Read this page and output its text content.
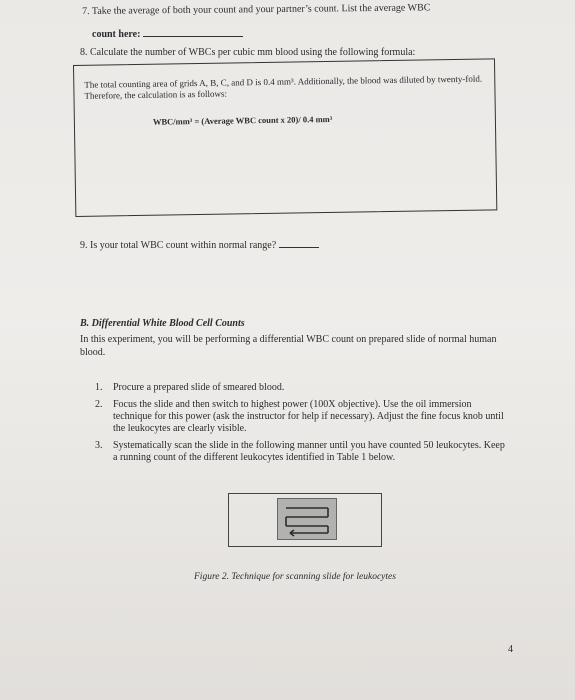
7. Take the average of both your count and your partner’s count. List the average WBC
count here:
The total counting area of grids A, B, C, and D is 0.4 mm³. Additionally, the blood was diluted by twenty-fold. Therefore, the calculation is as follows:
WBC/mm³ = (Average WBC count x 20)/ 0.4 mm³
8. Calculate the number of WBCs per cubic mm blood using the following formula:
9. Is your total WBC count within normal range?
B. Differential White Blood Cell Counts
In this experiment, you will be performing a differential WBC count on prepared slide of normal human blood.
1.	Procure a prepared slide of smeared blood.
2.	Focus the slide and then switch to highest power (100X objective). Use the oil immersion technique for this power (ask the instructor for help if necessary). Adjust the fine focus knob until the leukocytes are clearly visible.
3.	Systematically scan the slide in the following manner until you have counted 50 leukocytes. Keep a running count of the different leukocytes identified in Table 1 below.
Figure 2. Technique for scanning slide for leukocytes
4
